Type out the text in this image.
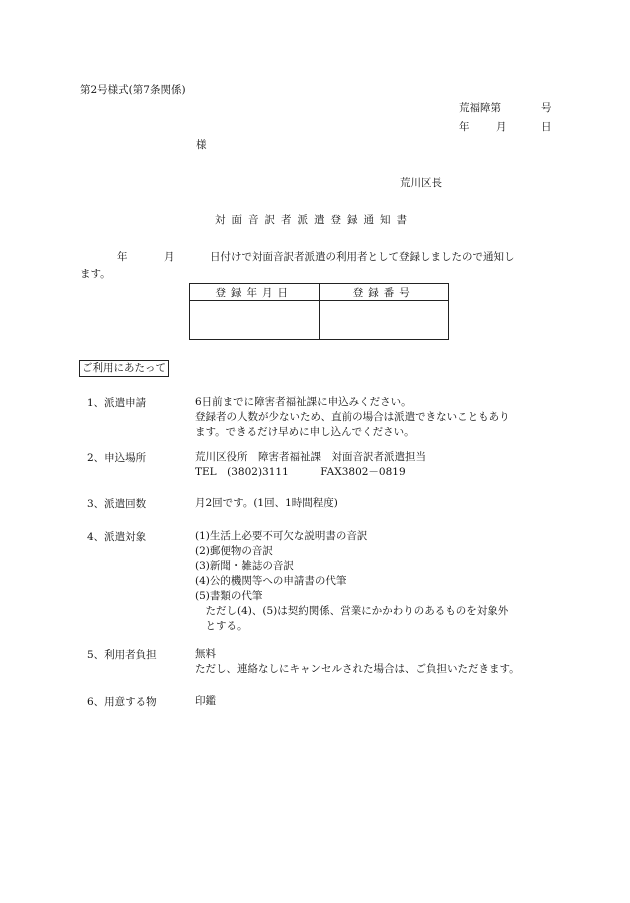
第2号様式(第7条関係)
荒福障第	号
年	月	日
様
荒川区長
対面音訳者派遣登録通知書
年	月	日付けで対面音訳者派遣の利用者として登録しましたので通知し
ます。
登録年月日	登録番号

ご利用にあたって
1、派遣申請	6日前までに障害者福祉課に申込みください。
登録者の人数が少ないため、直前の場合は派遣できないこともあり
ます。できるだけ早めに申し込んでください。
2、申込場所	荒川区役所　障害者福祉課　対面音訳者派遣担当
TEL　(3802)3111　　　FAX3802－0819
3、派遣回数	月2回です。(1回、1時間程度)
4、派遣対象	(1)生活上必要不可欠な説明書の音訳
(2)郵便物の音訳
(3)新聞・雑誌の音訳
(4)公的機関等への申請書の代筆
(5)書類の代筆
　ただし(4)、(5)は契約関係、営業にかかわりのあるものを対象外
　とする。
5、利用者負担	無料
ただし、連絡なしにキャンセルされた場合は、ご負担いただきます。
6、用意する物	印鑑
